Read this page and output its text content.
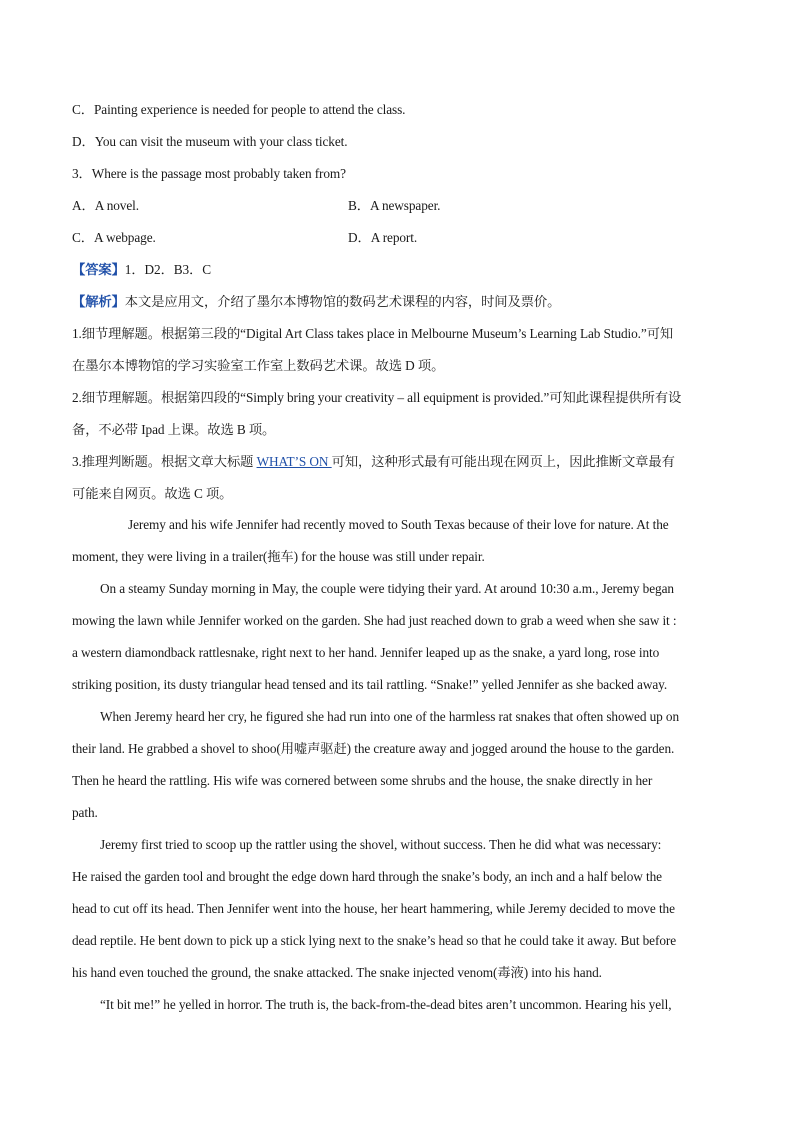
C．Painting experience is needed for people to attend the class.
D．You can visit the museum with your class ticket.
3．Where is the passage most probably taken from?
A．A novel.	B．A newspaper.
C．A webpage.	D．A report.
【答案】1．D2．B3．C
【解析】本文是应用文，介绍了墨尔本博物馆的数码艺术课程的内容，时间及票价。
1.细节理解题。根据第三段的“Digital Art Class takes place in Melbourne Museum’s Learning Lab Studio.”可知
在墨尔本博物馆的学习实验室工作室上数码艺术课。故选 D 项。
2.细节理解题。根据第四段的“Simply bring your creativity – all equipment is provided.”可知此课程提供所有设
备，不必带 Ipad 上课。故选 B 项。
3.推理判断题。根据文章大标题 WHAT’S ON 可知，这种形式最有可能出现在网页上，因此推断文章最有
可能来自网页。故选 C 项。
Jeremy and his wife Jennifer had recently moved to South Texas because of their love for nature. At the
moment, they were living in a trailer(拖车) for the house was still under repair.
On a steamy Sunday morning in May, the couple were tidying their yard. At around 10:30 a.m., Jeremy began
mowing the lawn while Jennifer worked on the garden. She had just reached down to grab a weed when she saw it :
a western diamondback rattlesnake, right next to her hand. Jennifer leaped up as the snake, a yard long, rose into
striking position, its dusty triangular head tensed and its tail rattling. “Snake!” yelled Jennifer as she backed away.
When Jeremy heard her cry, he figured she had run into one of the harmless rat snakes that often showed up on
their land. He grabbed a shovel to shoo(用嘘声驱赶) the creature away and jogged around the house to the garden.
Then he heard the rattling. His wife was cornered between some shrubs and the house, the snake directly in her
path.
Jeremy first tried to scoop up the rattler using the shovel, without success. Then he did what was necessary:
He raised the garden tool and brought the edge down hard through the snake’s body, an inch and a half below the
head to cut off its head. Then Jennifer went into the house, her heart hammering, while Jeremy decided to move the
dead reptile. He bent down to pick up a stick lying next to the snake’s head so that he could take it away. But before
his hand even touched the ground, the snake attacked. The snake injected venom(毒液) into his hand.
“It bit me!” he yelled in horror. The truth is, the back-from-the-dead bites aren’t uncommon. Hearing his yell,
